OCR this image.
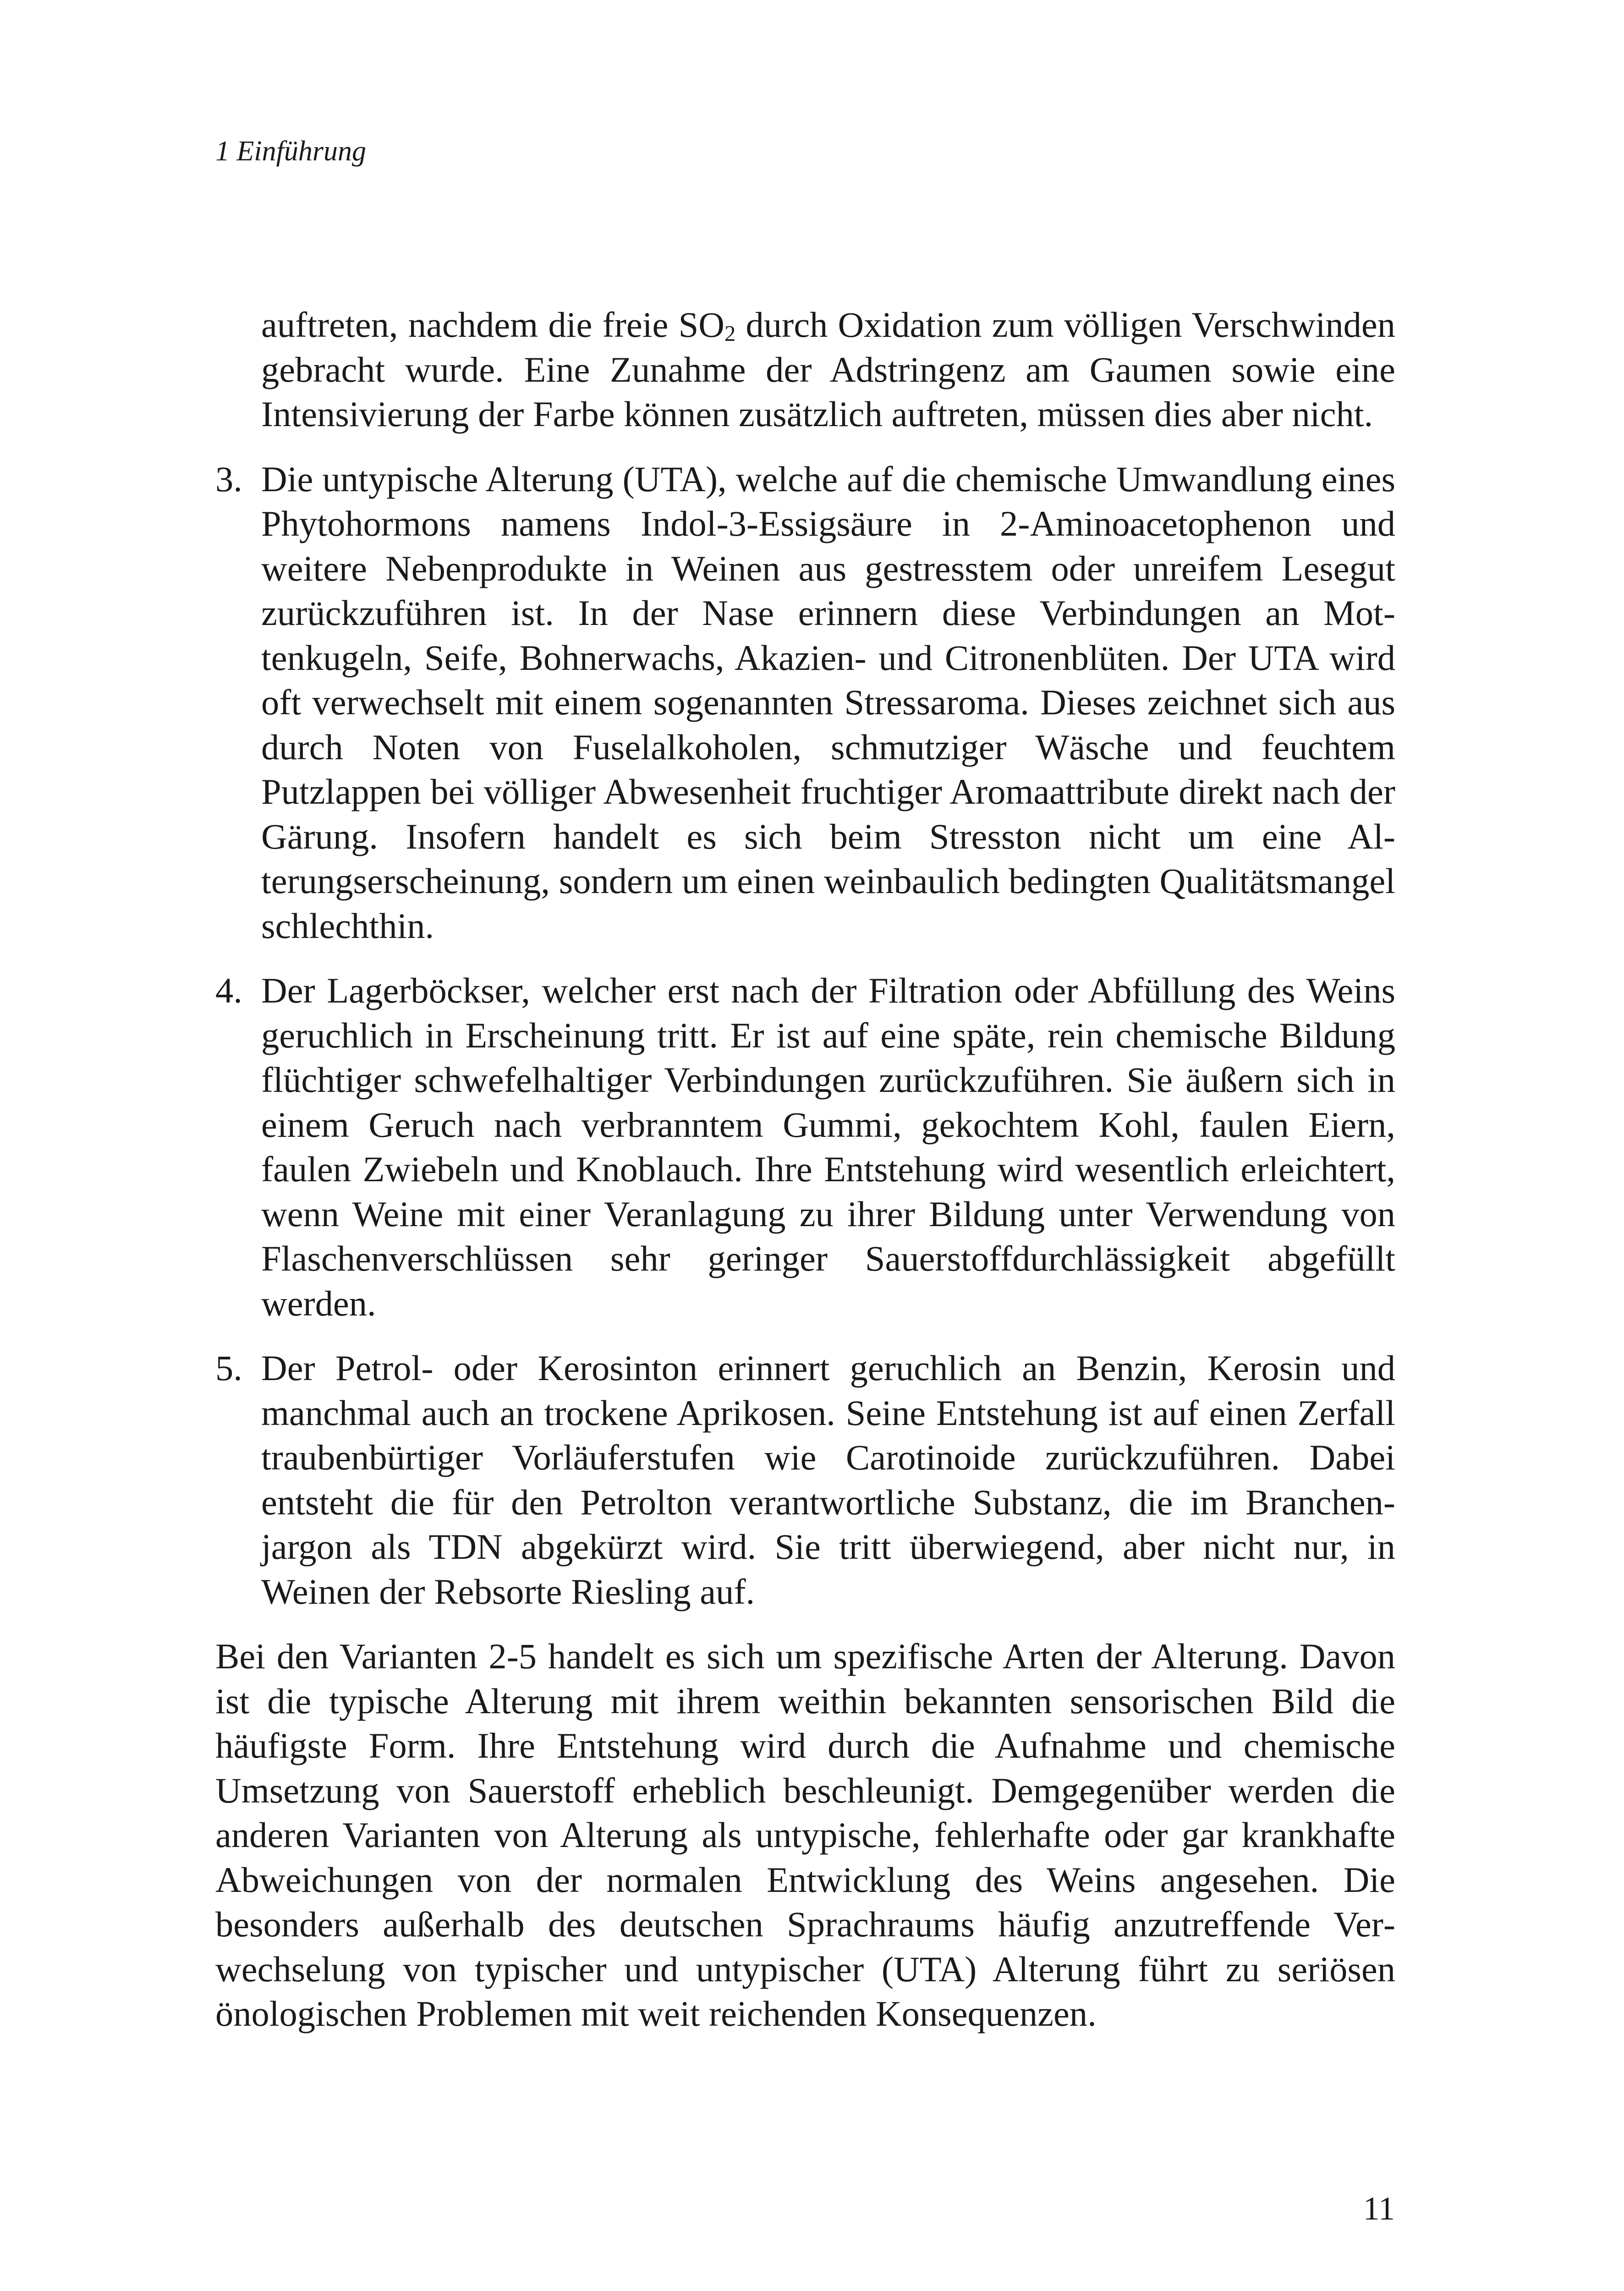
1 Einführung

auftreten, nachdem die freie $SO_2$ durch Oxidation zum völligen Verschwinden gebracht wurde. Eine Zunahme der Adstringenz am Gaumen sowie eine Intensivierung der Farbe können zusätzlich auftreten, müssen dies aber nicht.

3. Die untypische Alterung (UTA), welche auf die chemische Umwandlung eines Phytohormons namens Indol-3-Essigsäure in 2-Aminoacetophenon und weitere Nebenprodukte in Weinen aus gestresstem oder unreifem Lesegut zurückzuführen ist. In der Nase erinnern diese Verbindungen an Mottenkugeln, Seife, Bohnerwachs, Akazien- und Citronenblüten. Der UTA wird oft verwechselt mit einem sogenannten Stressaroma. Dieses zeichnet sich aus durch Noten von Fuselalkoholen, schmutziger Wäsche und feuchtem Putzlappen bei völliger Abwesenheit fruchtiger Aromaattribute direkt nach der Gärung. Insofern handelt es sich beim Stresston nicht um eine Alterungserscheinung, sondern um einen weinbaulich bedingten Qualitätsmangel schlechthin.
4. Der Lagerböckser, welcher erst nach der Filtration oder Abfüllung des Weins geruchlich in Erscheinung tritt. Er ist auf eine späte, rein chemische Bildung flüchtiger schwefelhaltiger Verbindungen zurückzuführen. Sie äußern sich in einem Geruch nach verbranntem Gummi, gekochtem Kohl, faulen Eiern, faulen Zwiebeln und Knoblauch. Ihre Entstehung wird wesentlich erleichtert, wenn Weine mit einer Veranlagung zu ihrer Bildung unter Verwendung von Flaschenverschlüssen sehr geringer Sauerstoffdurchlässigkeit abgefüllt werden.
5. Der Petrol- oder Kerosinton erinnert geruchlich an Benzin, Kerosin und manchmal auch an trockene Aprikosen. Seine Entstehung ist auf einen Zerfall traubenbürtiger Vorläuferstufen wie Carotinoide zurückzuführen. Dabei entsteht die für den Petrolton verantwortliche Substanz, die im Branchenjargon als TDN abgekürzt wird. Sie tritt überwiegend, aber nicht nur, in Weinen der Rebsorte Riesling auf.

Bei den Varianten 2-5 handelt es sich um spezifische Arten der Alterung. Davon ist die typische Alterung mit ihrem weithin bekannten sensorischen Bild die häufigste Form. Ihre Entstehung wird durch die Aufnahme und chemische Umsetzung von Sauerstoff erheblich beschleunigt. Demgegenüber werden die anderen Varianten von Alterung als untypische, fehlerhafte oder gar krankhafte Abweichungen von der normalen Entwicklung des Weins angesehen. Die besonders außerhalb des deutschen Sprachraums häufig anzutreffende Verwechselung von typischer und untypischer (UTA) Alterung führt zu seriösen önologischen Problemen mit weit reichenden Konsequenzen.

11
